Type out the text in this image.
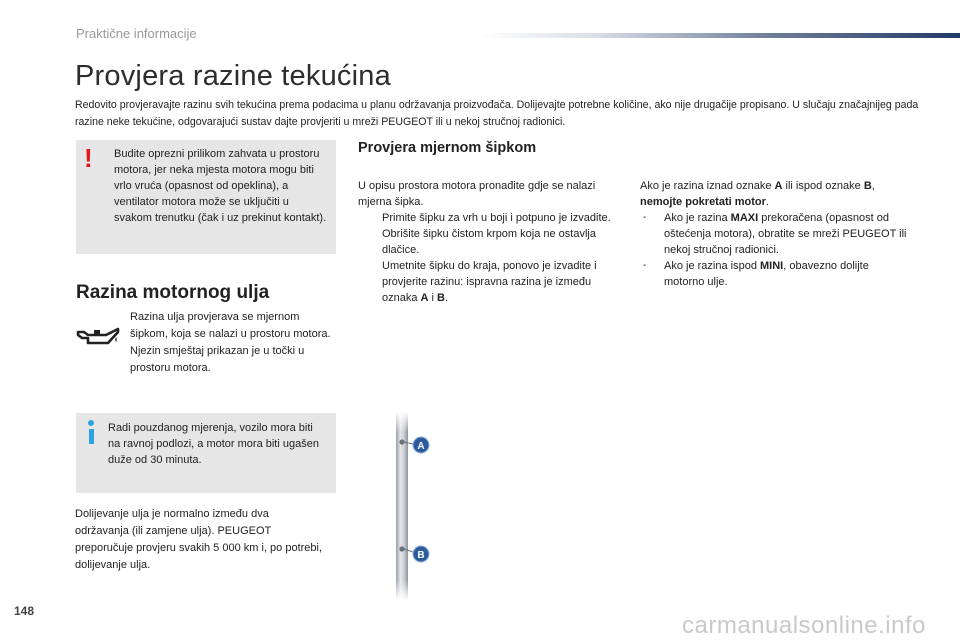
Praktične informacije
Provjera razine tekućina

Redovito provjeravajte razinu svih tekućina prema podacima u planu održavanja proizvođača. Dolijevajte potrebne količine, ako nije drugačije propisano. U slučaju značajnijeg pada razine neke tekućine, odgovarajući sustav dajte provjeriti u mreži PEUGEOT ili u nekoj stručnoj radionici.

! Budite oprezni prilikom zahvata u prostoru motora, jer neka mjesta motora mogu biti vrlo vruća (opasnost od opeklina), a ventilator motora može se uključiti u svakom trenutku (čak i uz prekinut kontakt).

Razina motornog ulja

Razina ulja provjerava se mjernom šipkom, koja se nalazi u prostoru motora. Njezin smještaj prikazan je u točki u prostoru motora.

Radi pouzdanog mjerenja, vozilo mora biti na ravnoj podlozi, a motor mora biti ugašen duže od 30 minuta.

Dolijevanje ulja je normalno između dva održavanja (ili zamjene ulja). PEUGEOT preporučuje provjeru svakih 5 000 km i, po potrebi, dolijevanje ulja.

Provjera mjernom šipkom

U opisu prostora motora pronađite gdje se nalazi mjerna šipka.

Primite šipku za vrh u boji i potpuno je izvadite.
Obrišite šipku čistom krpom koja ne ostavlja dlačice.
Umetnite šipku do kraja, ponovo je izvadite i provjerite razinu: ispravna razina je između oznaka A i B.

Ako je razina iznad oznake A ili ispod oznake B, nemojte pokretati motor.

-	Ako je razina MAXI prekoračena (opasnost od oštećenja motora), obratite se mreži PEUGEOT ili nekoj stručnoj radionici.
-	Ako je razina ispod MINI, obavezno dolijte motorno ulje.
A
B
148
carmanualsonline.info
